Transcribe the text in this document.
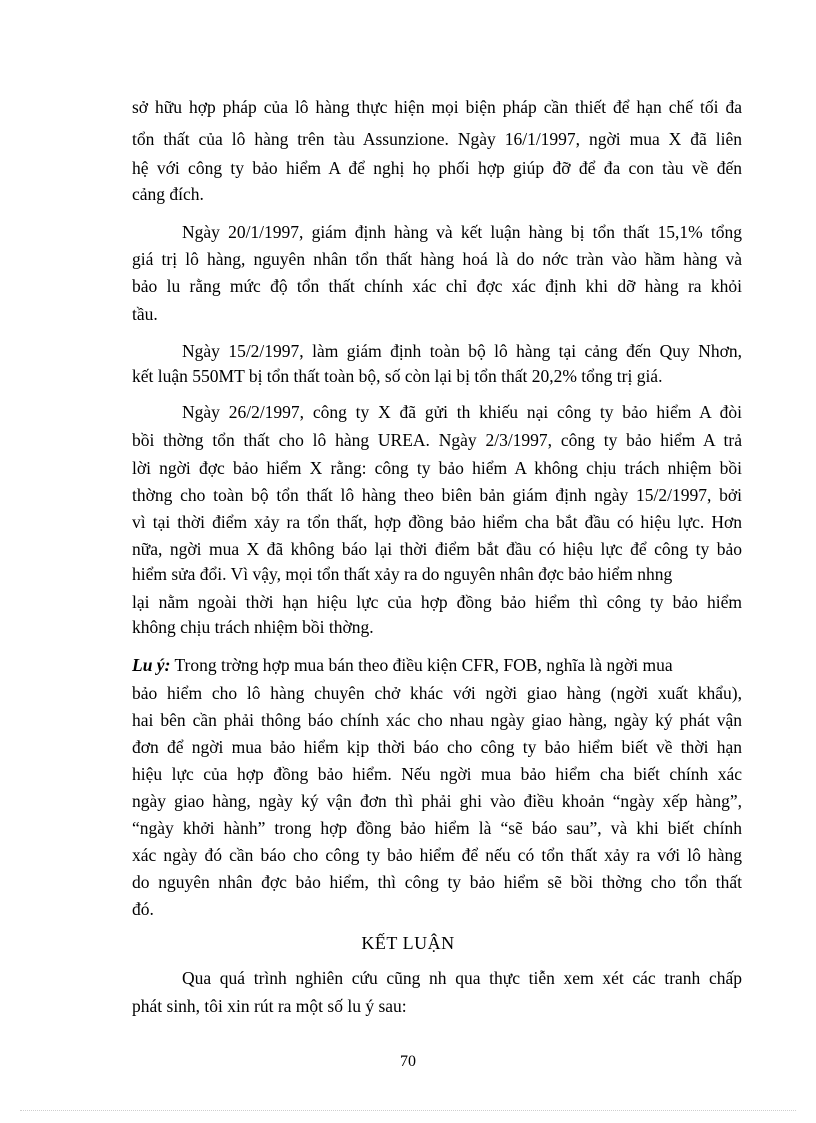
sở hữu hợp pháp của lô hàng thực hiện mọi biện pháp cần thiết để hạn chế tối đa
tổn thất của lô hàng trên tàu Assunzione. Ngày 16/1/1997, ngời mua X đã liên
hệ với công ty bảo hiểm A để nghị họ phối hợp giúp đỡ để đa con tàu về đến
cảng đích.
Ngày 20/1/1997, giám định hàng và kết luận hàng bị tổn thất 15,1% tổng
giá trị lô hàng, nguyên nhân tổn thất hàng hoá là do nớc tràn vào hầm hàng và
bảo lu rằng mức độ tổn thất chính xác chỉ đợc xác định khi dỡ hàng ra khỏi
tầu.
Ngày 15/2/1997, làm giám định toàn bộ lô hàng tại cảng đến Quy Nhơn,
kết luận 550MT bị tổn thất toàn bộ, số còn lại bị tổn thất 20,2% tổng trị giá.
Ngày 26/2/1997, công ty X đã gửi th khiếu nại công ty bảo hiểm A đòi
bồi thờng tổn thất cho lô hàng UREA. Ngày 2/3/1997, công ty bảo hiểm A trả
lời ngời đợc bảo hiểm X rằng: công ty bảo hiểm A không chịu trách nhiệm bồi
thờng cho toàn bộ tổn thất lô hàng theo biên bản giám định ngày 15/2/1997, bởi
vì tại thời điểm xảy ra tổn thất, hợp đồng bảo hiểm cha bắt đầu có hiệu lực. Hơn
nữa, ngời mua X đã không báo lại thời điểm bắt đầu có hiệu lực để công ty bảo
hiểm sửa đổi. Vì vậy, mọi tổn thất xảy ra do nguyên nhân đợc bảo hiểm nhng
lại nằm ngoài thời hạn hiệu lực của hợp đồng bảo hiểm thì công ty bảo hiểm
không chịu trách nhiệm bồi thờng.
Lu ý: Trong trờng hợp mua bán theo điều kiện CFR, FOB, nghĩa là ngời mua
bảo hiểm cho lô hàng chuyên chở khác với ngời giao hàng (ngời xuất khẩu),
hai bên cần phải thông báo chính xác cho nhau ngày giao hàng, ngày ký phát vận
đơn để ngời mua bảo hiểm kịp thời báo cho công ty bảo hiểm biết về thời hạn
hiệu lực của hợp đồng bảo hiểm. Nếu ngời mua bảo hiểm cha biết chính xác
ngày giao hàng, ngày ký vận đơn thì phải ghi vào điều khoản “ngày xếp hàng”,
“ngày khởi hành” trong hợp đồng bảo hiểm là “sẽ báo sau”, và khi biết chính
xác ngày đó cần báo cho công ty bảo hiểm để nếu có tổn thất xảy ra với lô hàng
do nguyên nhân đợc bảo hiểm, thì công ty bảo hiểm sẽ bồi thờng cho tổn thất
đó.
KẾT LUẬN
Qua quá trình nghiên cứu cũng nh qua thực tiễn xem xét các tranh chấp
phát sinh, tôi xin rút ra một số lu ý sau:
70
